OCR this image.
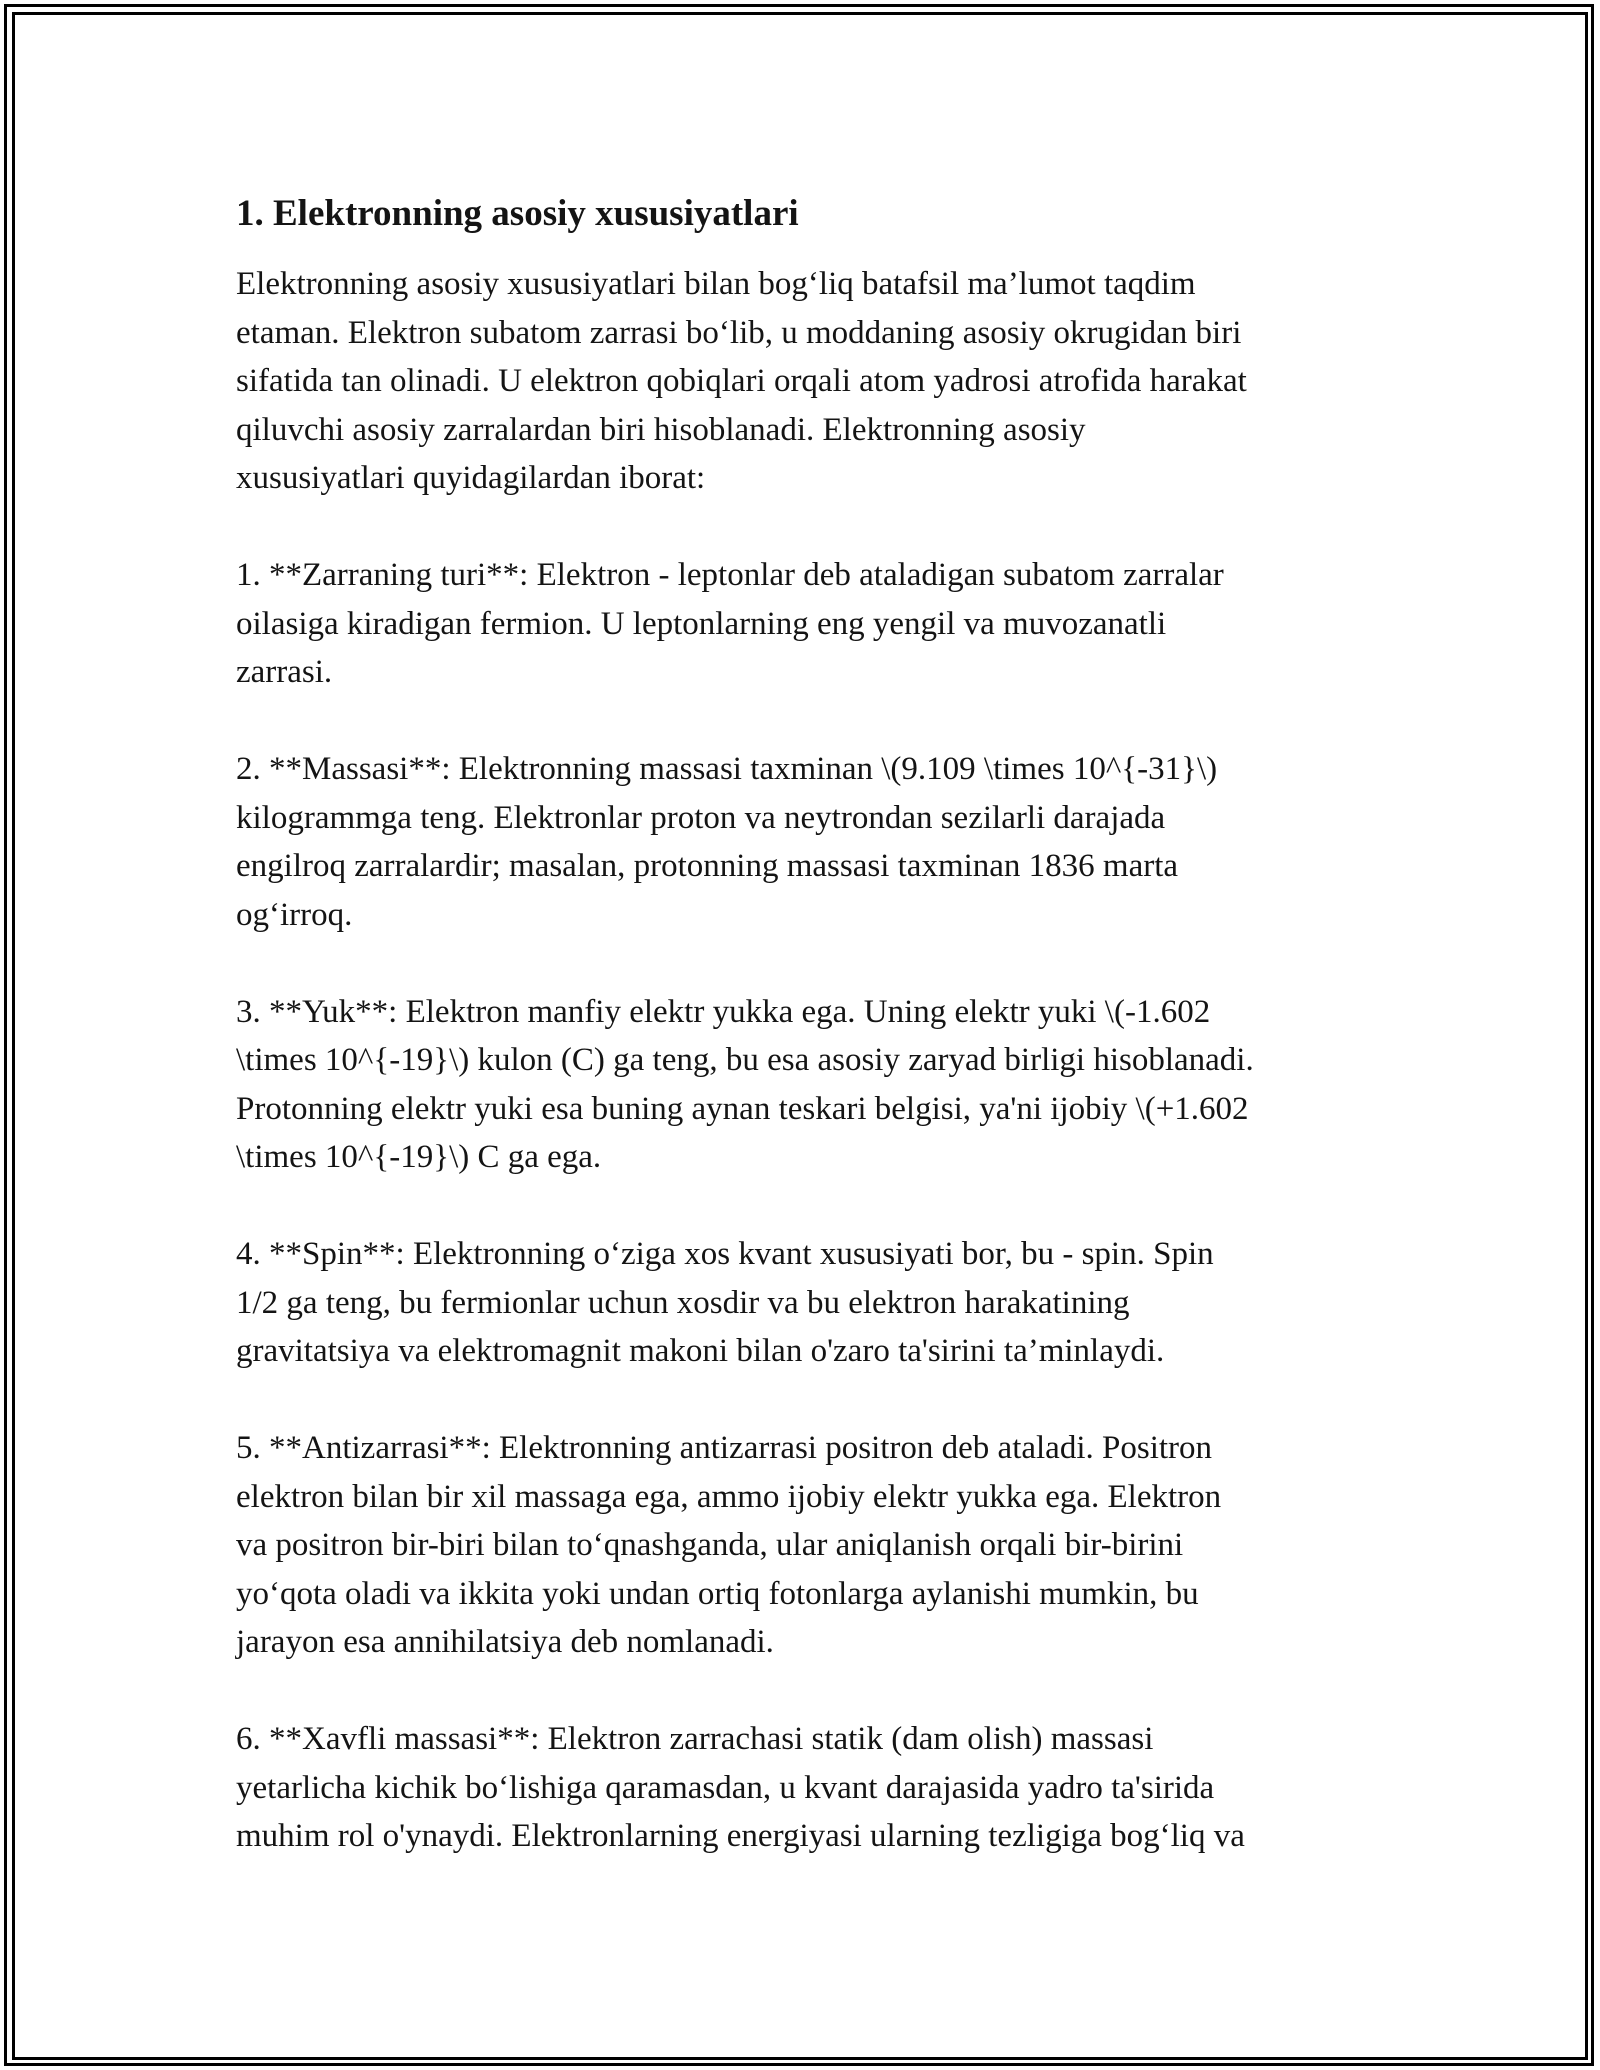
1. Elektronning asosiy xususiyatlari

Elektronning asosiy xususiyatlari bilan bog‘liq batafsil ma’lumot taqdim
etaman. Elektron subatom zarrasi bo‘lib, u moddaning asosiy okrugidan biri
sifatida tan olinadi. U elektron qobiqlari orqali atom yadrosi atrofida harakat
qiluvchi asosiy zarralardan biri hisoblanadi. Elektronning asosiy
xususiyatlari quyidagilardan iborat:

1. **Zarraning turi**: Elektron - leptonlar deb ataladigan subatom zarralar
oilasiga kiradigan fermion. U leptonlarning eng yengil va muvozanatli
zarrasi.

2. **Massasi**: Elektronning massasi taxminan \(9.109 \times 10^{-31}\)
kilogrammga teng. Elektronlar proton va neytrondan sezilarli darajada
engilroq zarralardir; masalan, protonning massasi taxminan 1836 marta
og‘irroq.

3. **Yuk**: Elektron manfiy elektr yukka ega. Uning elektr yuki \(-1.602
\times 10^{-19}\) kulon (C) ga teng, bu esa asosiy zaryad birligi hisoblanadi.
Protonning elektr yuki esa buning aynan teskari belgisi, ya'ni ijobiy \(+1.602
\times 10^{-19}\) C ga ega.

4. **Spin**: Elektronning o‘ziga xos kvant xususiyati bor, bu - spin. Spin
1/2 ga teng, bu fermionlar uchun xosdir va bu elektron harakatining
gravitatsiya va elektromagnit makoni bilan o'zaro ta'sirini ta’minlaydi.

5. **Antizarrasi**: Elektronning antizarrasi positron deb ataladi. Positron
elektron bilan bir xil massaga ega, ammo ijobiy elektr yukka ega. Elektron
va positron bir-biri bilan to‘qnashganda, ular aniqlanish orqali bir-birini
yo‘qota oladi va ikkita yoki undan ortiq fotonlarga aylanishi mumkin, bu
jarayon esa annihilatsiya deb nomlanadi.

6. **Xavfli massasi**: Elektron zarrachasi statik (dam olish) massasi
yetarlicha kichik bo‘lishiga qaramasdan, u kvant darajasida yadro ta'sirida
muhim rol o'ynaydi. Elektronlarning energiyasi ularning tezligiga bog‘liq va
